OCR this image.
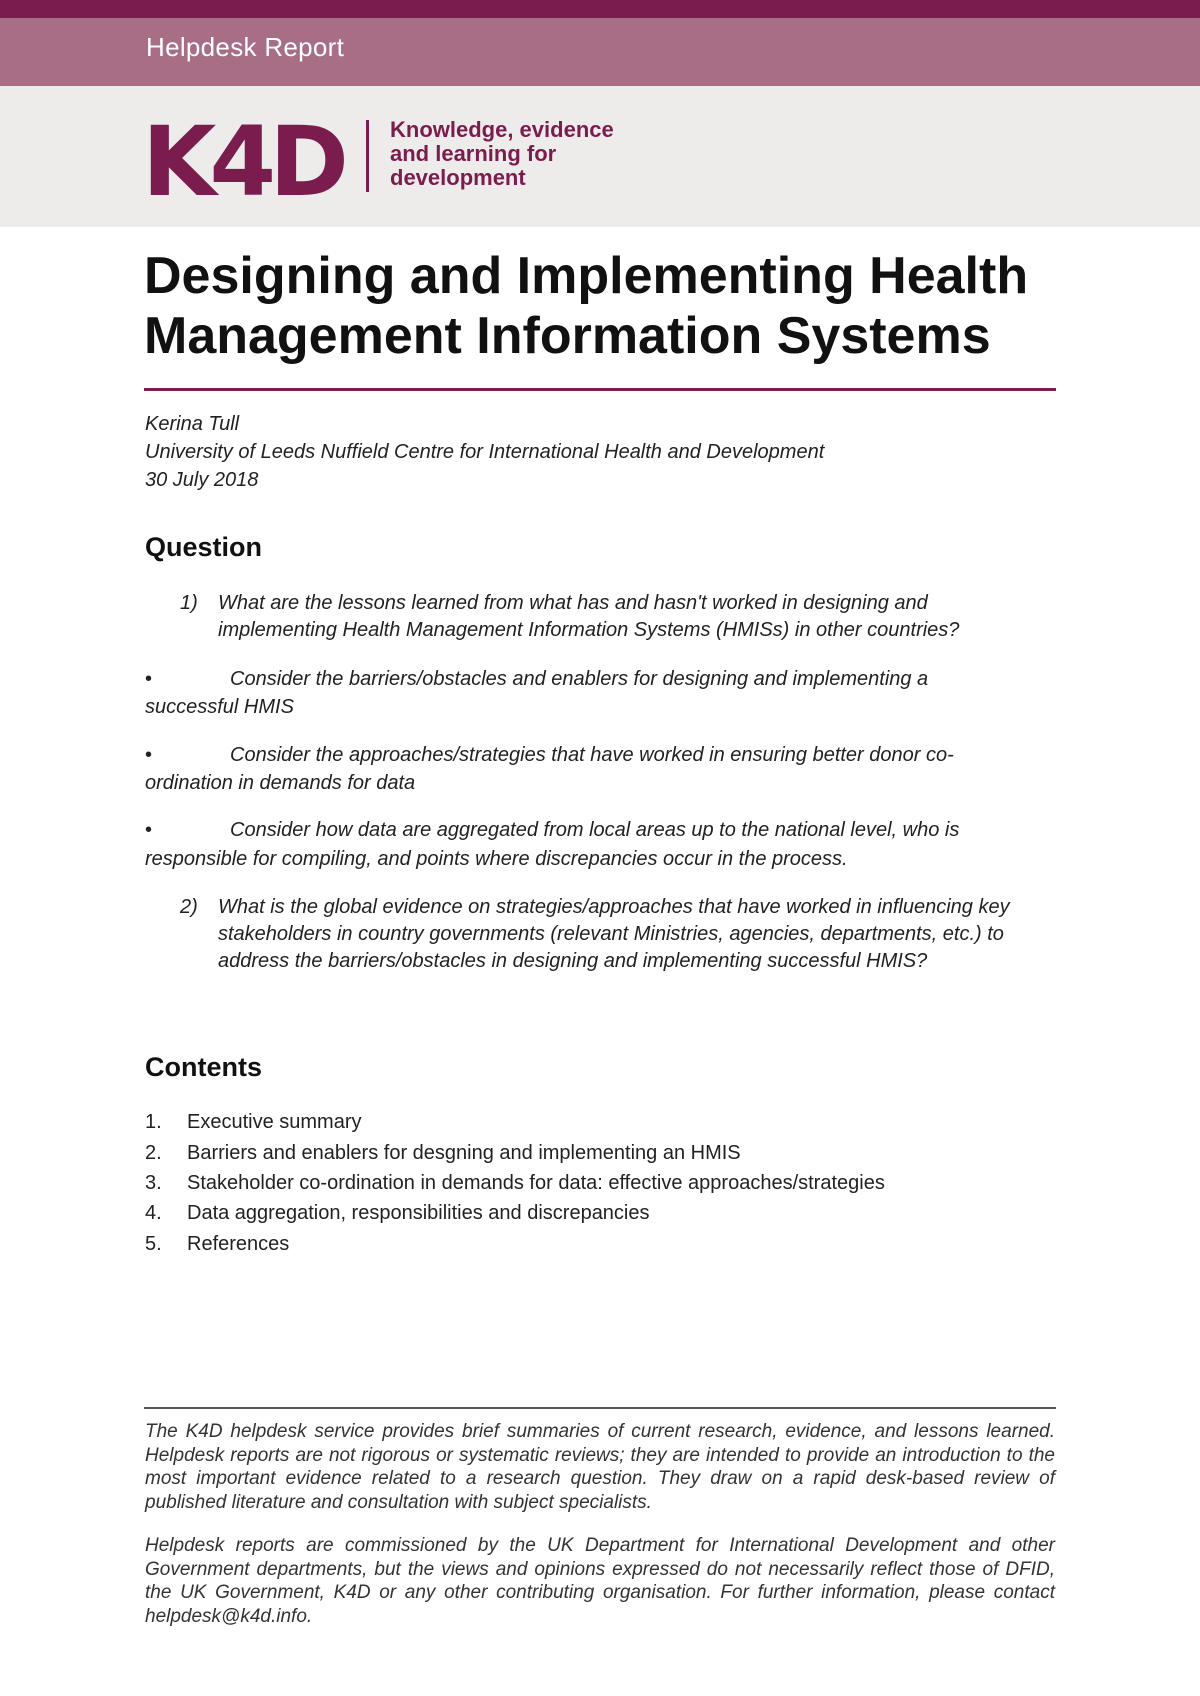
Helpdesk Report
K4D Knowledge, evidence
and learning for
development
Designing and Implementing Health
Management Information Systems
Kerina Tull
University of Leeds Nuffield Centre for International Health and Development
30 July 2018
Question
1) What are the lessons learned from what has and hasn't worked in designing and
implementing Health Management Information Systems (HMISs) in other countries?
•	Consider the barriers/obstacles and enablers for designing and implementing a
successful HMIS
•	Consider the approaches/strategies that have worked in ensuring better donor co-
ordination in demands for data
•	Consider how data are aggregated from local areas up to the national level, who is
responsible for compiling, and points where discrepancies occur in the process.
2) What is the global evidence on strategies/approaches that have worked in influencing key
stakeholders in country governments (relevant Ministries, agencies, departments, etc.) to
address the barriers/obstacles in designing and implementing successful HMIS?
Contents
1. Executive summary
2. Barriers and enablers for desgning and implementing an HMIS
3. Stakeholder co-ordination in demands for data: effective approaches/strategies
4. Data aggregation, responsibilities and discrepancies
5. References

The K4D helpdesk service provides brief summaries of current research, evidence, and lessons learned. Helpdesk reports are not rigorous or systematic reviews; they are intended to provide an introduction to the most important evidence related to a research question. They draw on a rapid desk-based review of published literature and consultation with subject specialists.

Helpdesk reports are commissioned by the UK Department for International Development and other Government departments, but the views and opinions expressed do not necessarily reflect those of DFID, the UK Government, K4D or any other contributing organisation. For further information, please contact helpdesk@k4d.info.
